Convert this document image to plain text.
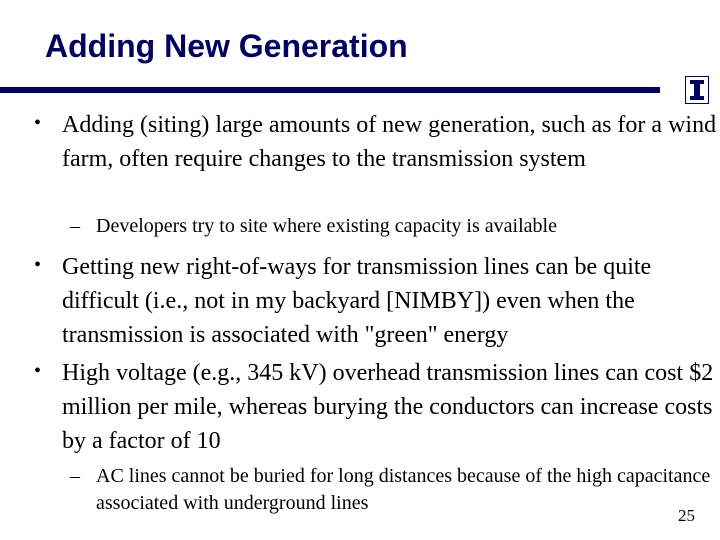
Adding New Generation
• Adding (siting) large amounts of new generation, such as for a wind farm, often require changes to the transmission system
– Developers try to site where existing capacity is available
• Getting new right-of-ways for transmission lines can be quite difficult (i.e., not in my backyard [NIMBY]) even when the transmission is associated with "green" energy
• High voltage (e.g., 345 kV) overhead transmission lines can cost $2 million per mile, whereas burying the conductors can increase costs by a factor of 10
– AC lines cannot be buried for long distances because of the high capacitance associated with underground lines
25
